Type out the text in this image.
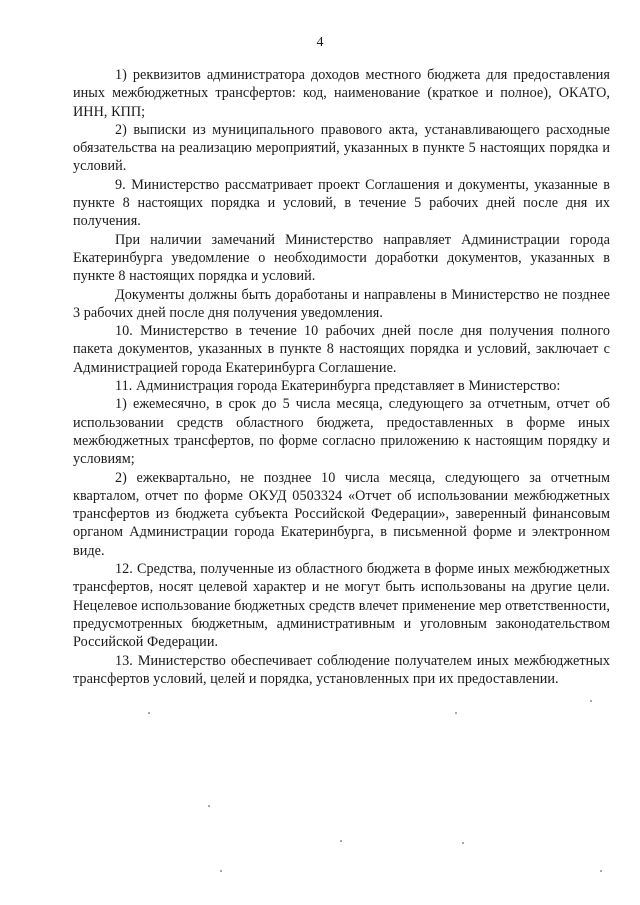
4

1) реквизитов администратора доходов местного бюджета для предоставления иных межбюджетных трансфертов: код, наименование (краткое и полное), ОКАТО, ИНН, КПП;

2) выписки из муниципального правового акта, устанавливающего расходные обязательства на реализацию мероприятий, указанных в пункте 5 настоящих порядка и условий.

9. Министерство рассматривает проект Соглашения и документы, указанные в пункте 8 настоящих порядка и условий, в течение 5 рабочих дней после дня их получения.

При наличии замечаний Министерство направляет Администрации города Екатеринбурга уведомление о необходимости доработки документов, указанных в пункте 8 настоящих порядка и условий.

Документы должны быть доработаны и направлены в Министерство не позднее 3 рабочих дней после дня получения уведомления.

10. Министерство в течение 10 рабочих дней после дня получения полного пакета документов, указанных в пункте 8 настоящих порядка и условий, заключает с Администрацией города Екатеринбурга Соглашение.

11. Администрация города Екатеринбурга представляет в Министерство:

1) ежемесячно, в срок до 5 числа месяца, следующего за отчетным, отчет об использовании средств областного бюджета, предоставленных в форме иных межбюджетных трансфертов, по форме согласно приложению к настоящим порядку и условиям;

2) ежеквартально, не позднее 10 числа месяца, следующего за отчетным кварталом, отчет по форме ОКУД 0503324 «Отчет об использовании межбюджетных трансфертов из бюджета субъекта Российской Федерации», заверенный финансовым органом Администрации города Екатеринбурга, в письменной форме и электронном виде.

12. Средства, полученные из областного бюджета в форме иных межбюджетных трансфертов, носят целевой характер и не могут быть использованы на другие цели. Нецелевое использование бюджетных средств влечет применение мер ответственности, предусмотренных бюджетным, административным и уголовным законодательством Российской Федерации.

13. Министерство обеспечивает соблюдение получателем иных межбюджетных трансфертов условий, целей и порядка, установленных при их предоставлении.
